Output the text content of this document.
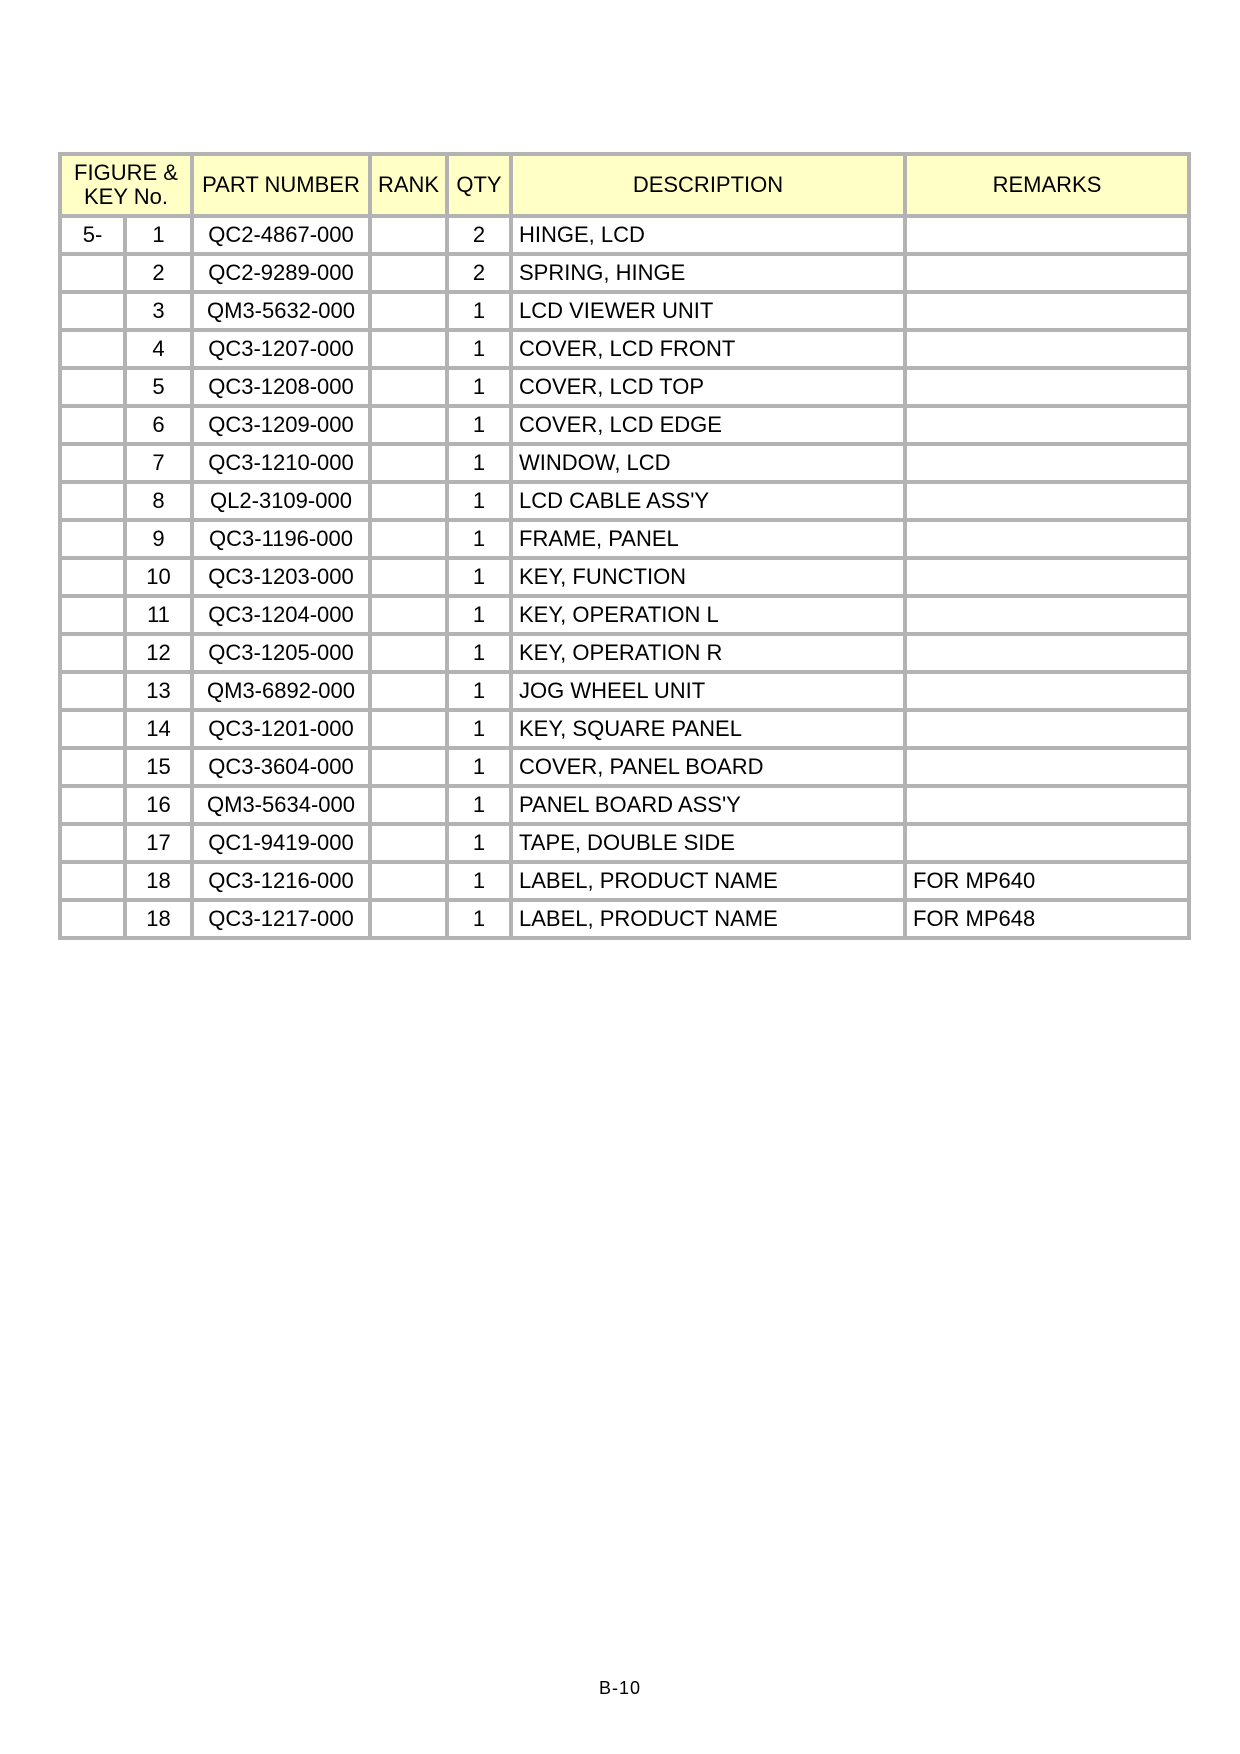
FIGURE &
KEY No.		PART NUMBER	RANK	QTY	DESCRIPTION	REMARKS
5-	1	QC2-4867-000		2	HINGE, LCD	
	2	QC2-9289-000		2	SPRING, HINGE	
	3	QM3-5632-000		1	LCD VIEWER UNIT	
	4	QC3-1207-000		1	COVER, LCD FRONT	
	5	QC3-1208-000		1	COVER, LCD TOP	
	6	QC3-1209-000		1	COVER, LCD EDGE	
	7	QC3-1210-000		1	WINDOW, LCD	
	8	QL2-3109-000		1	LCD CABLE ASS'Y	
	9	QC3-1196-000		1	FRAME, PANEL	
	10	QC3-1203-000		1	KEY, FUNCTION	
	11	QC3-1204-000		1	KEY, OPERATION L	
	12	QC3-1205-000		1	KEY, OPERATION R	
	13	QM3-6892-000		1	JOG WHEEL UNIT	
	14	QC3-1201-000		1	KEY, SQUARE PANEL	
	15	QC3-3604-000		1	COVER, PANEL BOARD	
	16	QM3-5634-000		1	PANEL BOARD ASS'Y	
	17	QC1-9419-000		1	TAPE, DOUBLE SIDE	
	18	QC3-1216-000		1	LABEL, PRODUCT NAME	FOR MP640
	18	QC3-1217-000		1	LABEL, PRODUCT NAME	FOR MP648
B-10
